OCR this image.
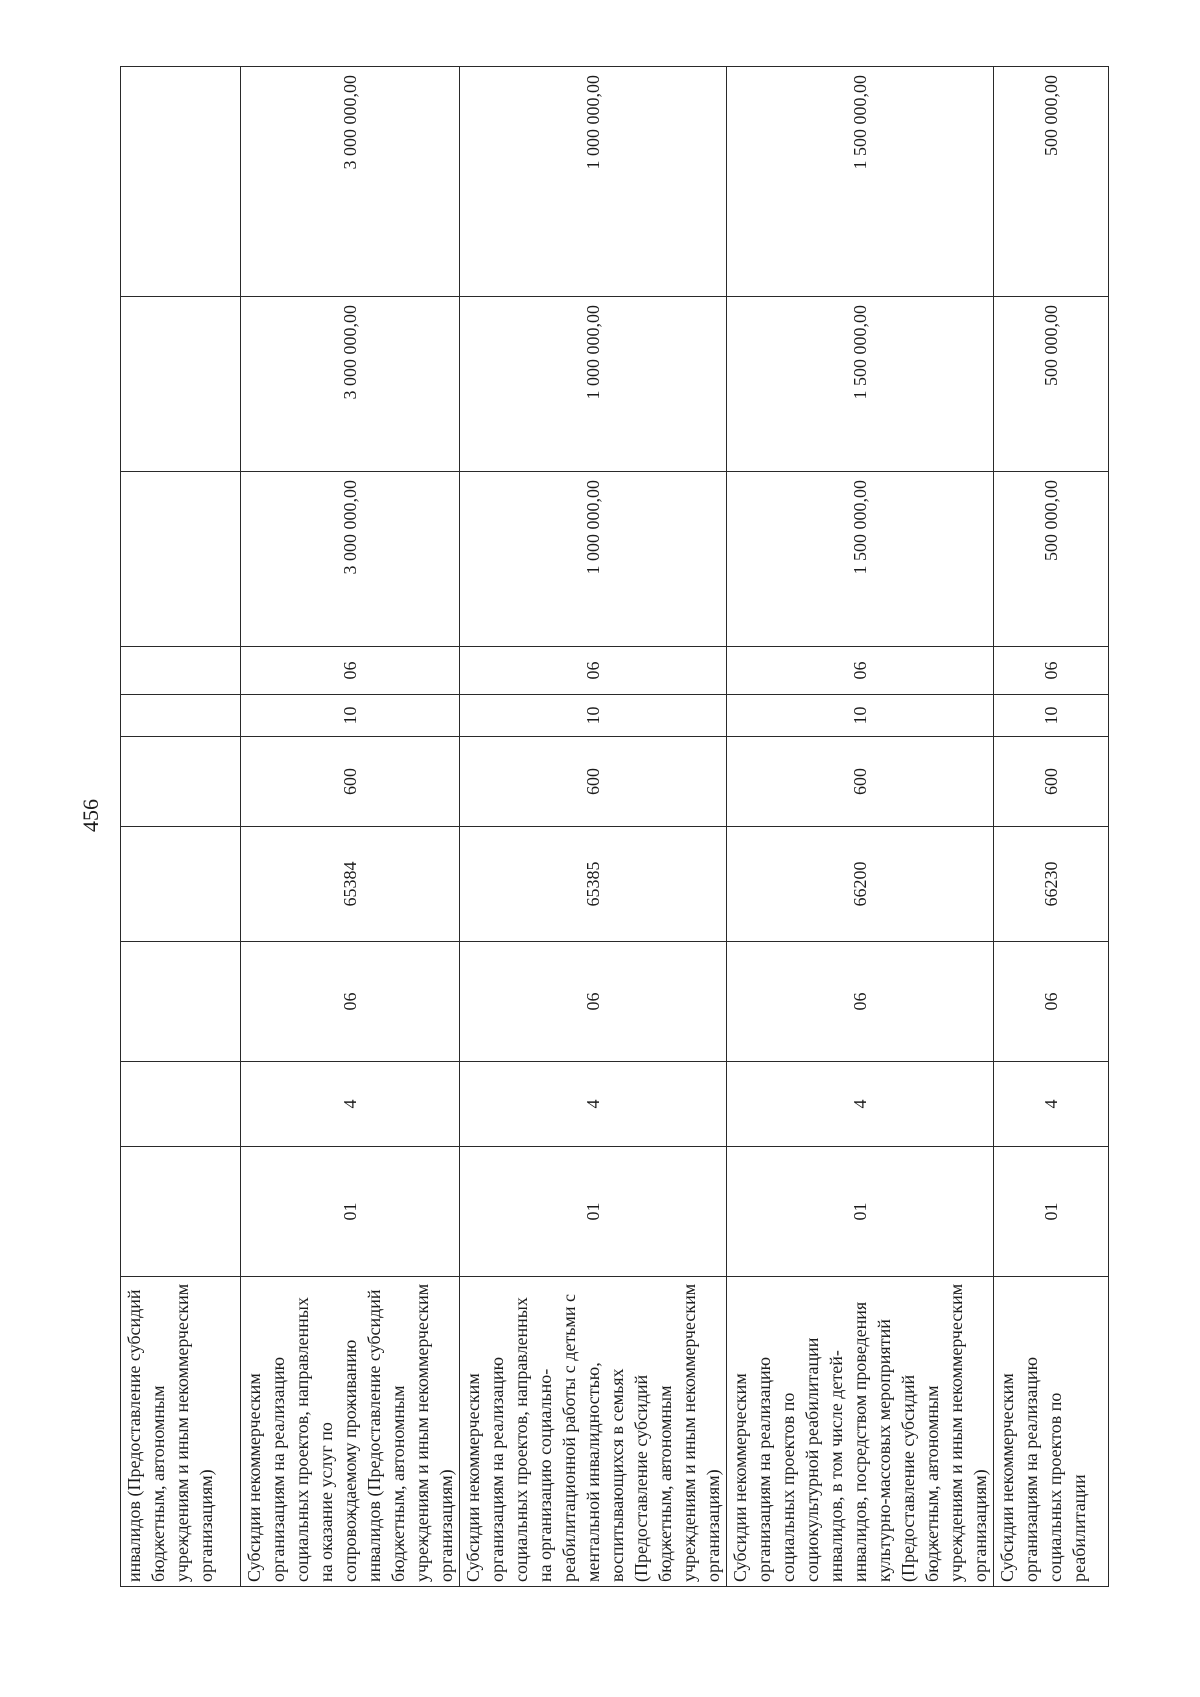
456
инвалидов (Предоставление субсидий бюджетным, автономным учреждениям и иным некоммерческим организациям)										
Субсидии некоммерческим организациям на реализацию социальных проектов, направленных на оказание услуг по сопровождаемому проживанию инвалидов (Предоставление субсидий бюджетным, автономным учреждениям и иным некоммерческим организациям)	01	4	06	65384	600	10	06	3 000 000,00	3 000 000,00	3 000 000,00
Субсидии некоммерческим организациям на реализацию социальных проектов, направленных на организацию социально-реабилитационной работы с детьми с ментальной инвалидностью, воспитывающихся в семьях (Предоставление субсидий бюджетным, автономным учреждениям и иным некоммерческим организациям)	01	4	06	65385	600	10	06	1 000 000,00	1 000 000,00	1 000 000,00
Субсидии некоммерческим организациям на реализацию социальных проектов по социокультурной реабилитации инвалидов, в том числе детей-инвалидов, посредством проведения культурно-массовых мероприятий (Предоставление субсидий бюджетным, автономным учреждениям и иным некоммерческим организациям)	01	4	06	66200	600	10	06	1 500 000,00	1 500 000,00	1 500 000,00
Субсидии некоммерческим организациям на реализацию социальных проектов по реабилитации	01	4	06	66230	600	10	06	500 000,00	500 000,00	500 000,00
